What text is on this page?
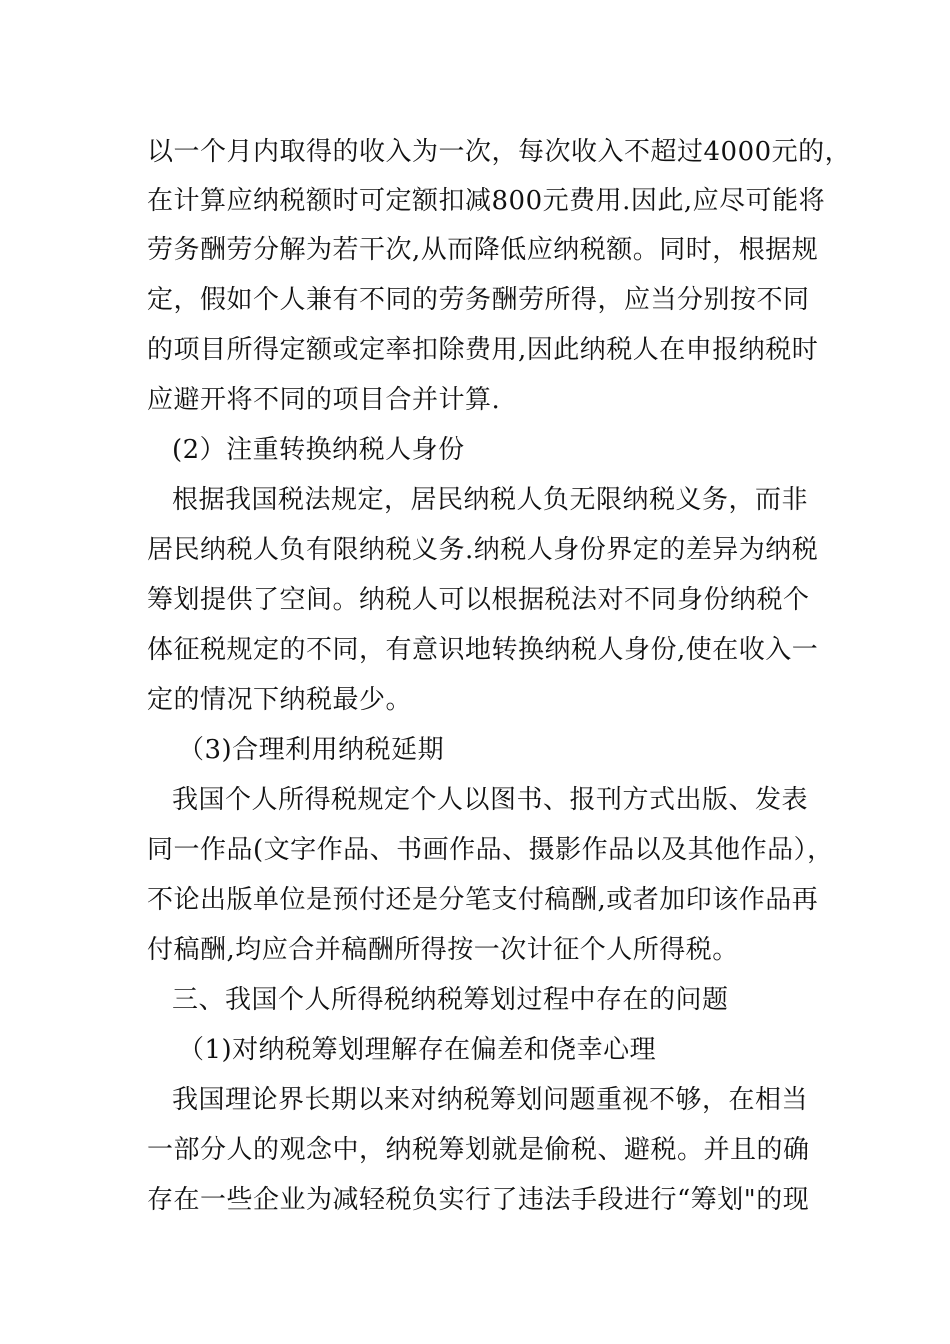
以一个月内取得的收入为一次，每次收入不超过4000元的，
在计算应纳税额时可定额扣减800元费用.因此,应尽可能将
劳务酬劳分解为若干次,从而降低应纳税额。同时，根据规
定，假如个人兼有不同的劳务酬劳所得，应当分别按不同
的项目所得定额或定率扣除费用,因此纳税人在申报纳税时
应避开将不同的项目合并计算.
(2）注重转换纳税人身份
根据我国税法规定，居民纳税人负无限纳税义务，而非
居民纳税人负有限纳税义务.纳税人身份界定的差异为纳税
筹划提供了空间。纳税人可以根据税法对不同身份纳税个
体征税规定的不同，有意识地转换纳税人身份,使在收入一
定的情况下纳税最少。
（3)合理利用纳税延期
我国个人所得税规定个人以图书、报刊方式出版、发表
同一作品(文字作品、书画作品、摄影作品以及其他作品），
不论出版单位是预付还是分笔支付稿酬,或者加印该作品再
付稿酬,均应合并稿酬所得按一次计征个人所得税。
三、我国个人所得税纳税筹划过程中存在的问题
（1)对纳税筹划理解存在偏差和侥幸心理
我国理论界长期以来对纳税筹划问题重视不够，在相当
一部分人的观念中，纳税筹划就是偷税、避税。并且的确
存在一些企业为减轻税负实行了违法手段进行“筹划"的现
